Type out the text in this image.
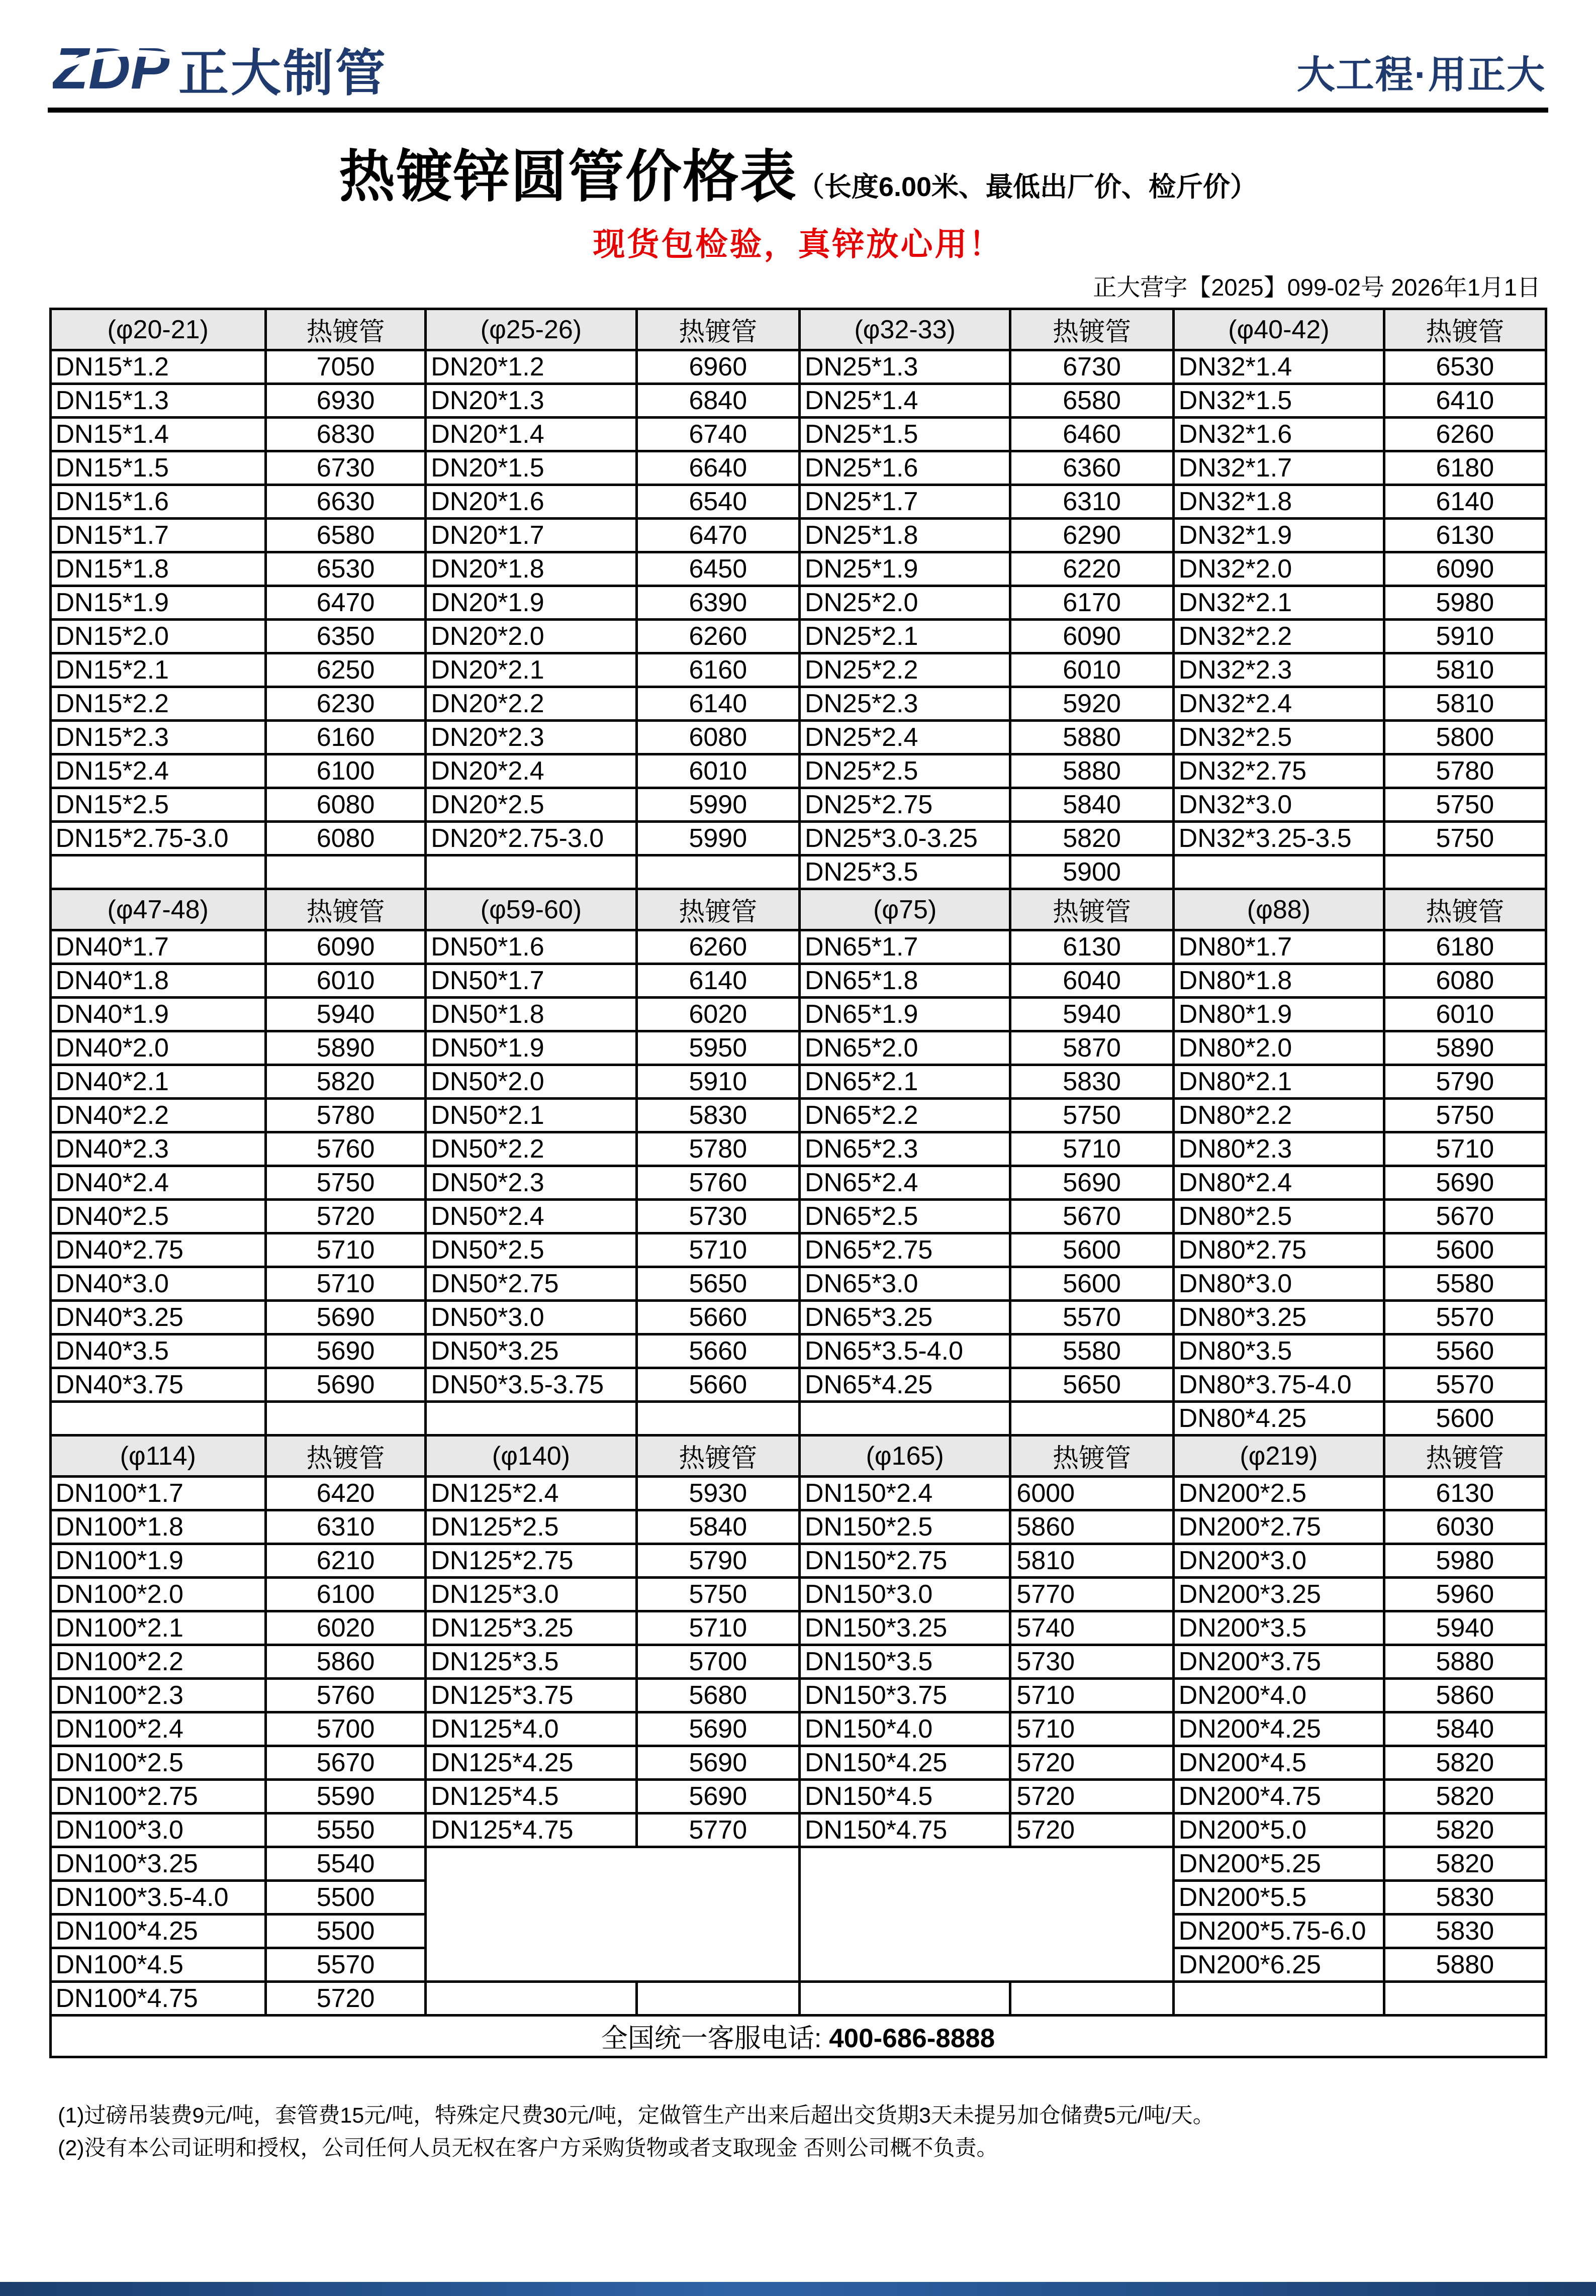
ZDP 正大制管	大工程·用正大
热镀锌圆管价格表（长度6.00米、最低出厂价、检斤价）
现货包检验，真锌放心用！
正大营字【2025】099-02号 2026年1月1日
(φ20-21)	热镀管	(φ25-26)	热镀管	(φ32-33)	热镀管	(φ40-42)	热镀管
DN15*1.2	7050	DN20*1.2	6960	DN25*1.3	6730	DN32*1.4	6530
DN15*1.3	6930	DN20*1.3	6840	DN25*1.4	6580	DN32*1.5	6410
DN15*1.4	6830	DN20*1.4	6740	DN25*1.5	6460	DN32*1.6	6260
DN15*1.5	6730	DN20*1.5	6640	DN25*1.6	6360	DN32*1.7	6180
DN15*1.6	6630	DN20*1.6	6540	DN25*1.7	6310	DN32*1.8	6140
DN15*1.7	6580	DN20*1.7	6470	DN25*1.8	6290	DN32*1.9	6130
DN15*1.8	6530	DN20*1.8	6450	DN25*1.9	6220	DN32*2.0	6090
DN15*1.9	6470	DN20*1.9	6390	DN25*2.0	6170	DN32*2.1	5980
DN15*2.0	6350	DN20*2.0	6260	DN25*2.1	6090	DN32*2.2	5910
DN15*2.1	6250	DN20*2.1	6160	DN25*2.2	6010	DN32*2.3	5810
DN15*2.2	6230	DN20*2.2	6140	DN25*2.3	5920	DN32*2.4	5810
DN15*2.3	6160	DN20*2.3	6080	DN25*2.4	5880	DN32*2.5	5800
DN15*2.4	6100	DN20*2.4	6010	DN25*2.5	5880	DN32*2.75	5780
DN15*2.5	6080	DN20*2.5	5990	DN25*2.75	5840	DN32*3.0	5750
DN15*2.75-3.0	6080	DN20*2.75-3.0	5990	DN25*3.0-3.25	5820	DN32*3.25-3.5	5750
				DN25*3.5	5900		
(φ47-48)	热镀管	(φ59-60)	热镀管	(φ75)	热镀管	(φ88)	热镀管
DN40*1.7	6090	DN50*1.6	6260	DN65*1.7	6130	DN80*1.7	6180
DN40*1.8	6010	DN50*1.7	6140	DN65*1.8	6040	DN80*1.8	6080
DN40*1.9	5940	DN50*1.8	6020	DN65*1.9	5940	DN80*1.9	6010
DN40*2.0	5890	DN50*1.9	5950	DN65*2.0	5870	DN80*2.0	5890
DN40*2.1	5820	DN50*2.0	5910	DN65*2.1	5830	DN80*2.1	5790
DN40*2.2	5780	DN50*2.1	5830	DN65*2.2	5750	DN80*2.2	5750
DN40*2.3	5760	DN50*2.2	5780	DN65*2.3	5710	DN80*2.3	5710
DN40*2.4	5750	DN50*2.3	5760	DN65*2.4	5690	DN80*2.4	5690
DN40*2.5	5720	DN50*2.4	5730	DN65*2.5	5670	DN80*2.5	5670
DN40*2.75	5710	DN50*2.5	5710	DN65*2.75	5600	DN80*2.75	5600
DN40*3.0	5710	DN50*2.75	5650	DN65*3.0	5600	DN80*3.0	5580
DN40*3.25	5690	DN50*3.0	5660	DN65*3.25	5570	DN80*3.25	5570
DN40*3.5	5690	DN50*3.25	5660	DN65*3.5-4.0	5580	DN80*3.5	5560
DN40*3.75	5690	DN50*3.5-3.75	5660	DN65*4.25	5650	DN80*3.75-4.0	5570
						DN80*4.25	5600
(φ114)	热镀管	(φ140)	热镀管	(φ165)	热镀管	(φ219)	热镀管
DN100*1.7	6420	DN125*2.4	5930	DN150*2.4	6000	DN200*2.5	6130
DN100*1.8	6310	DN125*2.5	5840	DN150*2.5	5860	DN200*2.75	6030
DN100*1.9	6210	DN125*2.75	5790	DN150*2.75	5810	DN200*3.0	5980
DN100*2.0	6100	DN125*3.0	5750	DN150*3.0	5770	DN200*3.25	5960
DN100*2.1	6020	DN125*3.25	5710	DN150*3.25	5740	DN200*3.5	5940
DN100*2.2	5860	DN125*3.5	5700	DN150*3.5	5730	DN200*3.75	5880
DN100*2.3	5760	DN125*3.75	5680	DN150*3.75	5710	DN200*4.0	5860
DN100*2.4	5700	DN125*4.0	5690	DN150*4.0	5710	DN200*4.25	5840
DN100*2.5	5670	DN125*4.25	5690	DN150*4.25	5720	DN200*4.5	5820
DN100*2.75	5590	DN125*4.5	5690	DN150*4.5	5720	DN200*4.75	5820
DN100*3.0	5550	DN125*4.75	5770	DN150*4.75	5720	DN200*5.0	5820
DN100*3.25	5540					DN200*5.25	5820
DN100*3.5-4.0	5500					DN200*5.5	5830
DN100*4.25	5500					DN200*5.75-6.0	5830
DN100*4.5	5570					DN200*6.25	5880
DN100*4.75	5720						
全国统一客服电话: 400-686-8888							
(1)过磅吊装费9元/吨，套管费15元/吨，特殊定尺费30元/吨，定做管生产出来后超出交货期3天未提另加仓储费5元/吨/天。
(2)没有本公司证明和授权，公司任何人员无权在客户方采购货物或者支取现金 否则公司概不负责。
